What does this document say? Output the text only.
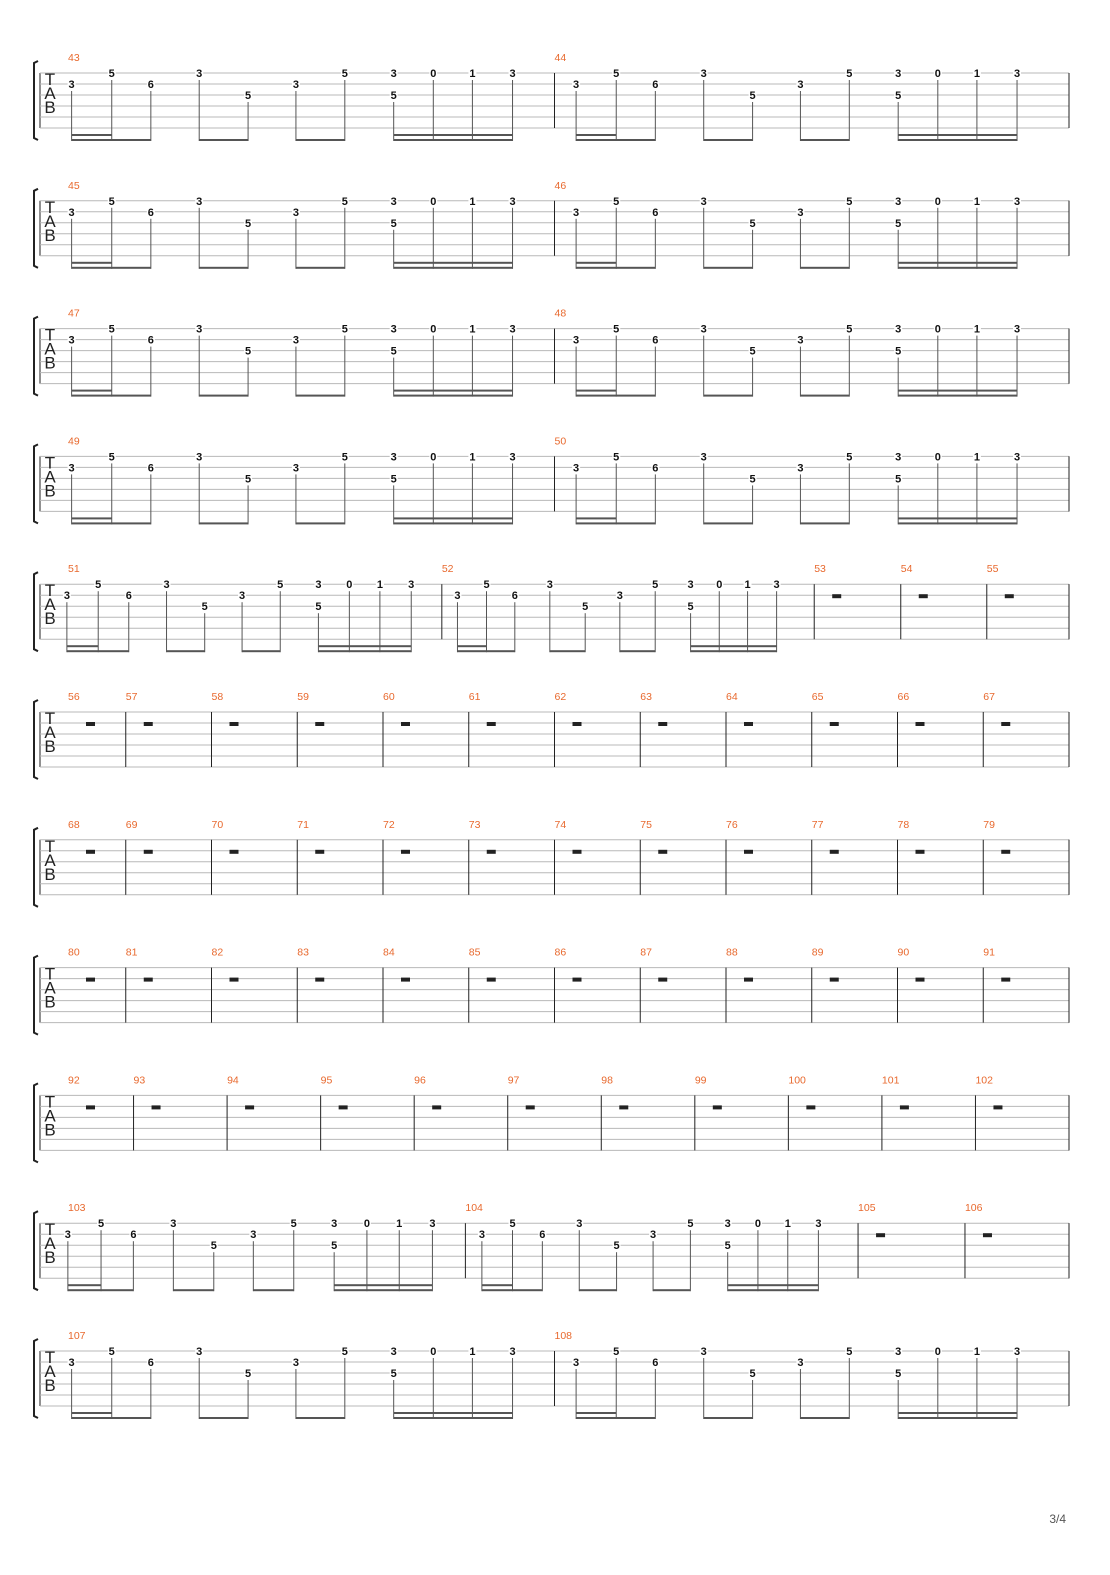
T
A
B
43
3
5
6
3
5
3
5	3
5
0	1	3
44
3
5
6
3
5
3
5	3
5
0	1	3
T
A
B
45
3
5
6
3
5
3
5	3
5
0	1	3
46
3
5
6
3
5
3
5	3
5
0	1	3
T
A
B
47
3
5
6
3
5
3
5	3
5
0	1	3
48
3
5
6
3
5
3
5	3
5
0	1	3
T
A
B
49
3
5
6
3
5
3
5	3
5
0	1	3
50
3
5
6
3
5
3
5	3
5
0	1	3
T
A
B
51
3
5
6
3
5
3
5	3
5
0 1 3
52
3
5
6
3
5
3
5	3
5
0 1 3
53	54	55
T
A
B
56	57	58	59	60	61	62	63	64	65	66	67
T
A
B
68	69	70	71	72	73	74	75	76	77	78	79
T
A
B
80	81	82	83	84	85	86	87	88	89	90	91
T
A
B
92	93	94	95	96	97	98	99	100	101	102
T
A
B
103
3
5
6
3
5
3
5	3
5
0 1 3
104
3
5
6
3
5
3
5	3
5
0 1 3
105	106
T
A
B
107
3
5
6
3
5
3
5	3
5
0	1	3
108
3
5
6
3
5
3
5	3
5
0	1	3
3/4
